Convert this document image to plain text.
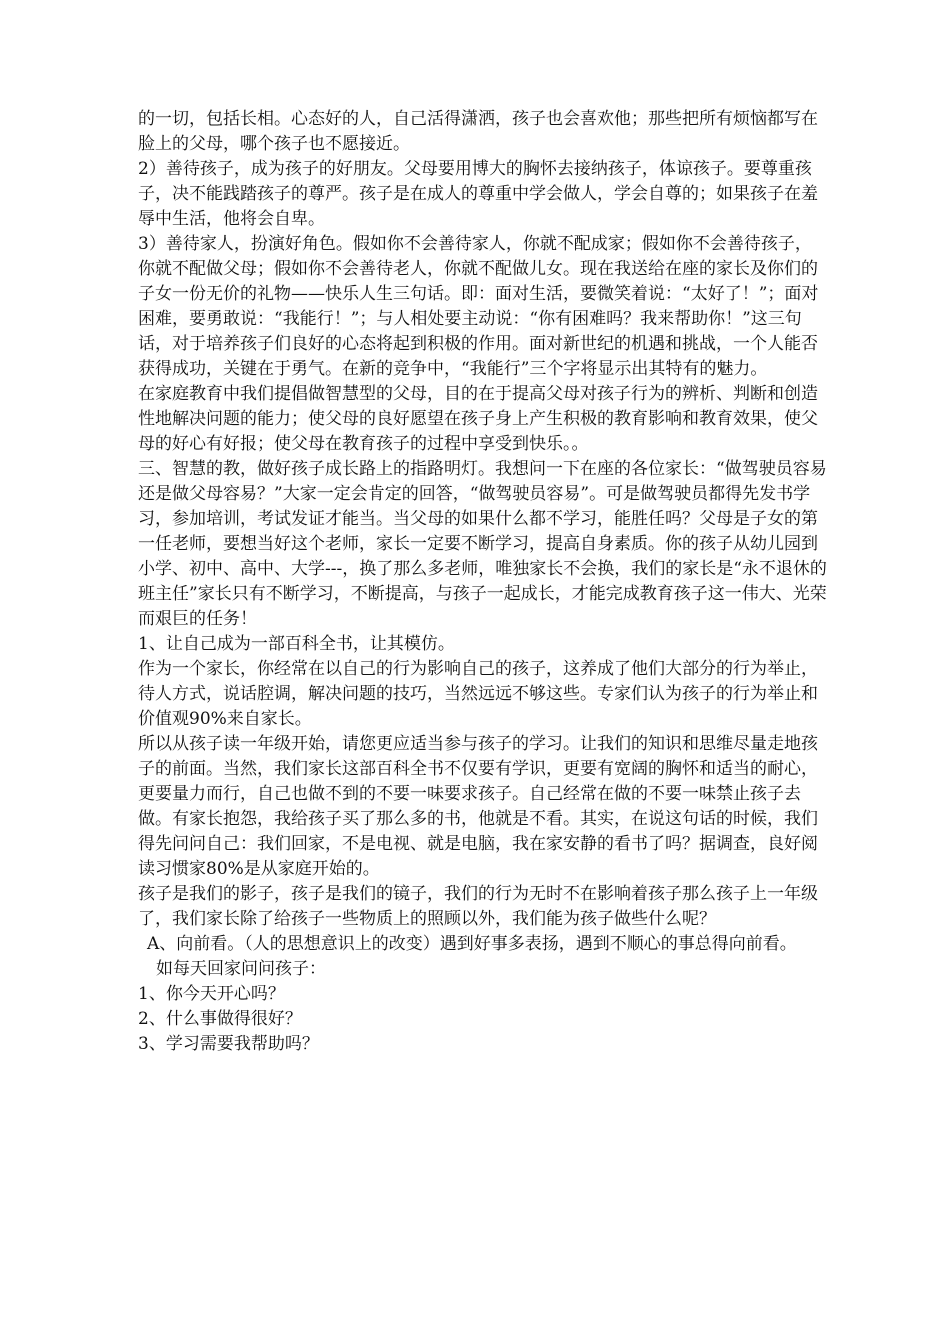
的一切，包括长相。心态好的人，自己活得潇洒，孩子也会喜欢他；那些把所有烦恼都写在脸上的父母，哪个孩子也不愿接近。

2）善待孩子，成为孩子的好朋友。父母要用博大的胸怀去接纳孩子，体谅孩子。要尊重孩子，决不能践踏孩子的尊严。孩子是在成人的尊重中学会做人，学会自尊的；如果孩子在羞辱中生活，他将会自卑。

3）善待家人，扮演好角色。假如你不会善待家人，你就不配成家；假如你不会善待孩子，你就不配做父母；假如你不会善待老人，你就不配做儿女。现在我送给在座的家长及你们的子女一份无价的礼物——快乐人生三句话。即：面对生活，要微笑着说：“太好了！”；面对困难，要勇敢说：“我能行！”；与人相处要主动说：“你有困难吗？我来帮助你！”这三句话，对于培养孩子们良好的心态将起到积极的作用。面对新世纪的机遇和挑战，一个人能否获得成功，关键在于勇气。在新的竞争中，“我能行”三个字将显示出其特有的魅力。

在家庭教育中我们提倡做智慧型的父母，目的在于提高父母对孩子行为的辨析、判断和创造性地解决问题的能力；使父母的良好愿望在孩子身上产生积极的教育影响和教育效果，使父母的好心有好报；使父母在教育孩子的过程中享受到快乐。。

三、智慧的教，做好孩子成长路上的指路明灯。我想问一下在座的各位家长：“做驾驶员容易还是做父母容易？”大家一定会肯定的回答，“做驾驶员容易”。可是做驾驶员都得先发书学习，参加培训，考试发证才能当。当父母的如果什么都不学习，能胜任吗？父母是子女的第一任老师，要想当好这个老师，家长一定要不断学习，提高自身素质。你的孩子从幼儿园到小学、初中、高中、大学---，换了那么多老师，唯独家长不会换，我们的家长是“永不退休的班主任”家长只有不断学习，不断提高，与孩子一起成长，才能完成教育孩子这一伟大、光荣而艰巨的任务！

1、让自己成为一部百科全书，让其模仿。

作为一个家长，你经常在以自己的行为影响自己的孩子，这养成了他们大部分的行为举止，待人方式，说话腔调，解决问题的技巧，当然远远不够这些。专家们认为孩子的行为举止和价值观90%来自家长。

所以从孩子读一年级开始，请您更应适当参与孩子的学习。让我们的知识和思维尽量走地孩子的前面。当然，我们家长这部百科全书不仅要有学识，更要有宽阔的胸怀和适当的耐心，更要量力而行，自己也做不到的不要一味要求孩子。自己经常在做的不要一味禁止孩子去做。有家长抱怨，我给孩子买了那么多的书，他就是不看。其实，在说这句话的时候，我们得先问问自己：我们回家，不是电视、就是电脑，我在家安静的看书了吗？据调查，良好阅读习惯家80%是从家庭开始的。

孩子是我们的影子，孩子是我们的镜子，我们的行为无时不在影响着孩子那么孩子上一年级了，我们家长除了给孩子一些物质上的照顾以外，我们能为孩子做些什么呢？

A、向前看。（人的思想意识上的改变）遇到好事多表扬，遇到不顺心的事总得向前看。

如每天回家问问孩子：

1、你今天开心吗？

2、什么事做得很好？

3、学习需要我帮助吗？
